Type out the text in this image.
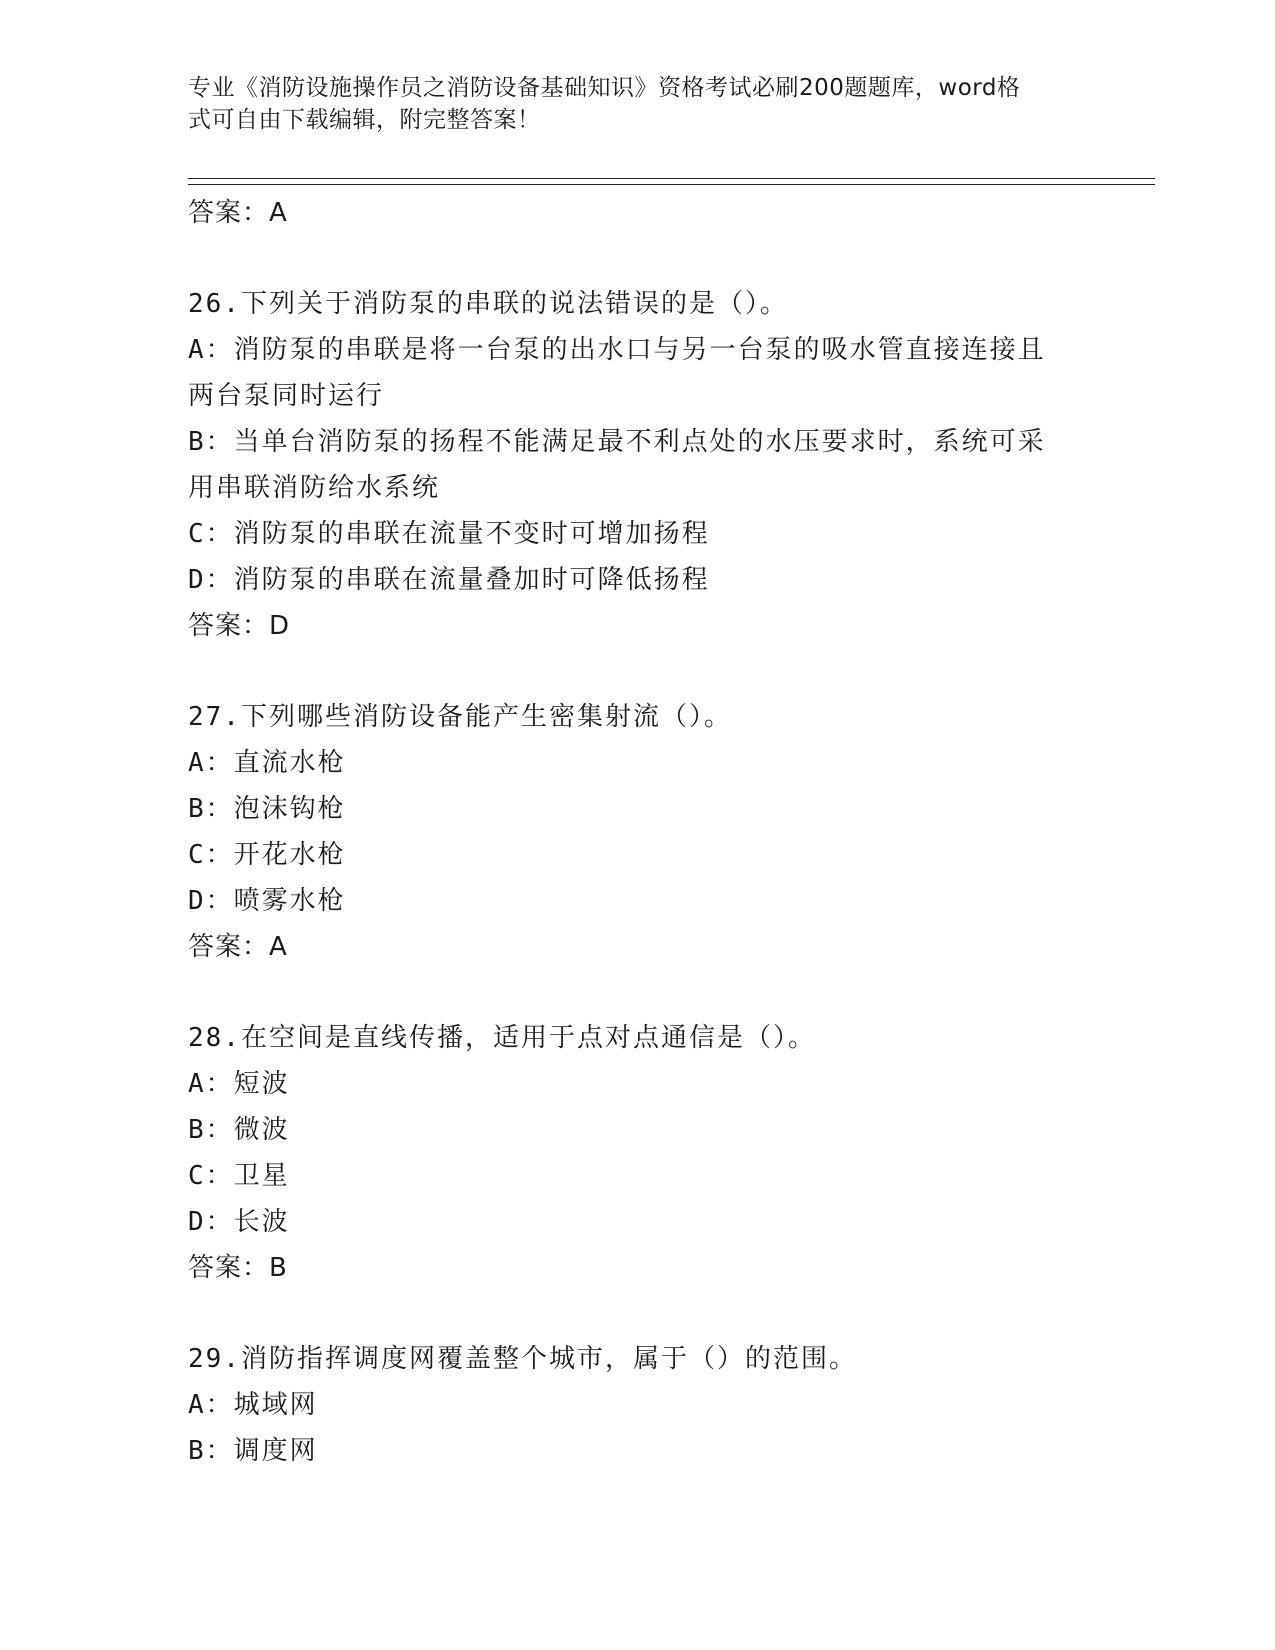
专业《消防设施操作员之消防设备基础知识》资格考试必刷200题题库，word格
式可自由下载编辑，附完整答案！
答案：A
26.下列关于消防泵的串联的说法错误的是（）。
A：消防泵的串联是将一台泵的出水口与另一台泵的吸水管直接连接且
两台泵同时运行
B：当单台消防泵的扬程不能满足最不利点处的水压要求时，系统可采
用串联消防给水系统
C：消防泵的串联在流量不变时可增加扬程
D：消防泵的串联在流量叠加时可降低扬程
答案：D
27.下列哪些消防设备能产生密集射流（）。
A：直流水枪
B：泡沫钩枪
C：开花水枪
D：喷雾水枪
答案：A
28.在空间是直线传播，适用于点对点通信是（）。
A：短波
B：微波
C：卫星
D：长波
答案：B
29.消防指挥调度网覆盖整个城市，属于（）的范围。
A：城域网
B：调度网
